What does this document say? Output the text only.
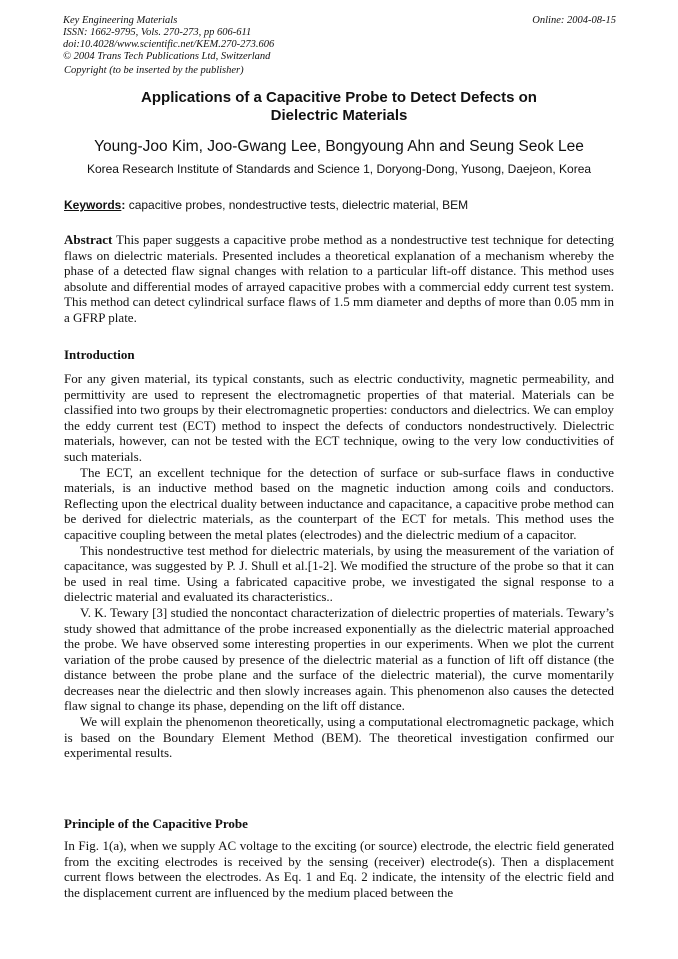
Key Engineering Materials
ISSN: 1662-9795, Vols. 270-273, pp 606-611
doi:10.4028/www.scientific.net/KEM.270-273.606
© 2004 Trans Tech Publications Ltd, Switzerland
Online: 2004-08-15
Copyright (to be inserted by the publisher)
Applications of a Capacitive Probe to Detect Defects on
Dielectric Materials
Young-Joo Kim, Joo-Gwang Lee, Bongyoung Ahn and Seung Seok Lee
Korea Research Institute of Standards and Science 1, Doryong-Dong, Yusong, Daejeon, Korea
Keywords: capacitive probes, nondestructive tests, dielectric material, BEM
Abstract This paper suggests a capacitive probe method as a nondestructive test technique for detecting flaws on dielectric materials. Presented includes a theoretical explanation of a mechanism whereby the phase of a detected flaw signal changes with relation to a particular lift-off distance. This method uses absolute and differential modes of arrayed capacitive probes with a commercial eddy current test system. This method can detect cylindrical surface flaws of 1.5 mm diameter and depths of more than 0.05 mm in a GFRP plate.
Introduction

For any given material, its typical constants, such as electric conductivity, magnetic permeability, and permittivity are used to represent the electromagnetic properties of that material. Materials can be classified into two groups by their electromagnetic properties: conductors and dielectrics. We can employ the eddy current test (ECT) method to inspect the defects of conductors nondestructively. Dielectric materials, however, can not be tested with the ECT technique, owing to the very low conductivities of such materials.

The ECT, an excellent technique for the detection of surface or sub-surface flaws in conductive materials, is an inductive method based on the magnetic induction among coils and conductors. Reflecting upon the electrical duality between inductance and capacitance, a capacitive probe method can be derived for dielectric materials, as the counterpart of the ECT for metals. This method uses the capacitive coupling between the metal plates (electrodes) and the dielectric medium of a capacitor.

This nondestructive test method for dielectric materials, by using the measurement of the variation of capacitance, was suggested by P. J. Shull et al.[1-2]. We modified the structure of the probe so that it can be used in real time. Using a fabricated capacitive probe, we investigated the signal response to a dielectric material and evaluated its characteristics..

V. K. Tewary [3] studied the noncontact characterization of dielectric properties of materials. Tewary’s study showed that admittance of the probe increased exponentially as the dielectric material approached the probe. We have observed some interesting properties in our experiments. When we plot the current variation of the probe caused by presence of the dielectric material as a function of lift off distance (the distance between the probe plane and the surface of the dielectric material), the curve momentarily decreases near the dielectric and then slowly increases again. This phenomenon also causes the detected flaw signal to change its phase, depending on the lift off distance.

We will explain the phenomenon theoretically, using a computational electromagnetic package, which is based on the Boundary Element Method (BEM). The theoretical investigation confirmed our experimental results.

Principle of the Capacitive Probe

In Fig. 1(a), when we supply AC voltage to the exciting (or source) electrode, the electric field generated from the exciting electrodes is received by the sensing (receiver) electrode(s). Then a displacement current flows between the electrodes. As Eq. 1 and Eq. 2 indicate, the intensity of the electric field and the displacement current are influenced by the medium placed between the
